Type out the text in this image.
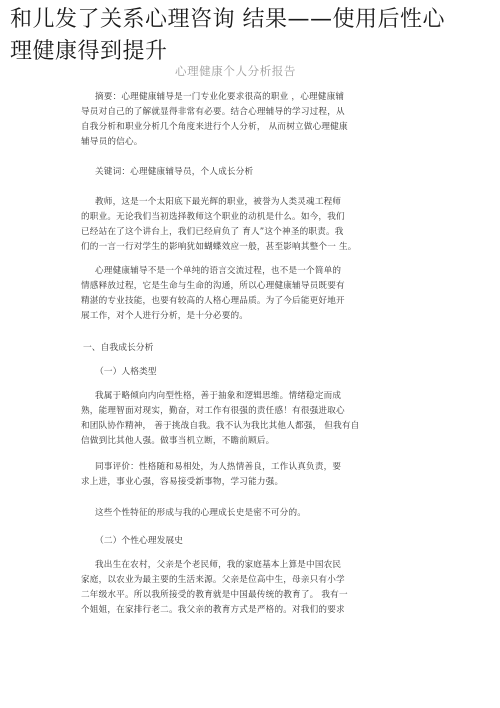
和儿发了关系心理咨询 结果——使用后性心
理健康得到提升
心理健康个人分析报告

摘要：心理健康辅导是一门专业化要求很高的职业 ，心理健康辅
导员对自己的了解就显得非常有必要。结合心理辅导的学习过程，从
自我分析和职业分析几个角度来进行个人分析， 从而树立做心理健康
辅导员的信心。

关键词：心理健康辅导员，个人成长分析

教师，这是一个太阳底下最光辉的职业，被誉为人类灵魂工程师
的职业。无论我们当初选择教师这个职业的动机是什么。如今，我们
已经站在了这个讲台上，我们已经肩负了 育人”这个神圣的职责。我
们的一言一行对学生的影响犹如蝴蝶效应一般，甚至影响其整个一 生。

心理健康辅导不是一个单纯的语言交流过程，也不是一个简单的
情感释放过程，它是生命与生命的沟通，所以心理健康辅导员既要有
精湛的专业技能，也要有较高的人格心理品质。为了今后能更好地开
展工作，对个人进行分析，是十分必要的。

一、自我成长分析
（一）人格类型

我属于略倾向内向型性格，善于抽象和逻辑思维。情绪稳定而成
熟，能理智面对现实，勤奋，对工作有很强的责任感！有很强进取心
和团队协作精神， 善于挑战自我。我不认为我比其他人都强， 但我有自
信做到比其他人强。做事当机立断，不瞻前顾后。

同事评价：性格随和易相处，为人热情善良，工作认真负责，要
求上进，事业心强，容易接受新事物，学习能力强。

这些个性特征的形成与我的心理成长史是密不可分的。

（二）个性心理发展史

我出生在农村，父亲是个老民师，我的家庭基本上算是中国农民
家庭，以农业为最主要的生活来源。父亲是位高中生，母亲只有小学
二年级水平。所以我所接受的教育就是中国最传统的教育了。 我有一
个姐姐，在家排行老二。我父亲的教育方式是严格的。对我们的要求
